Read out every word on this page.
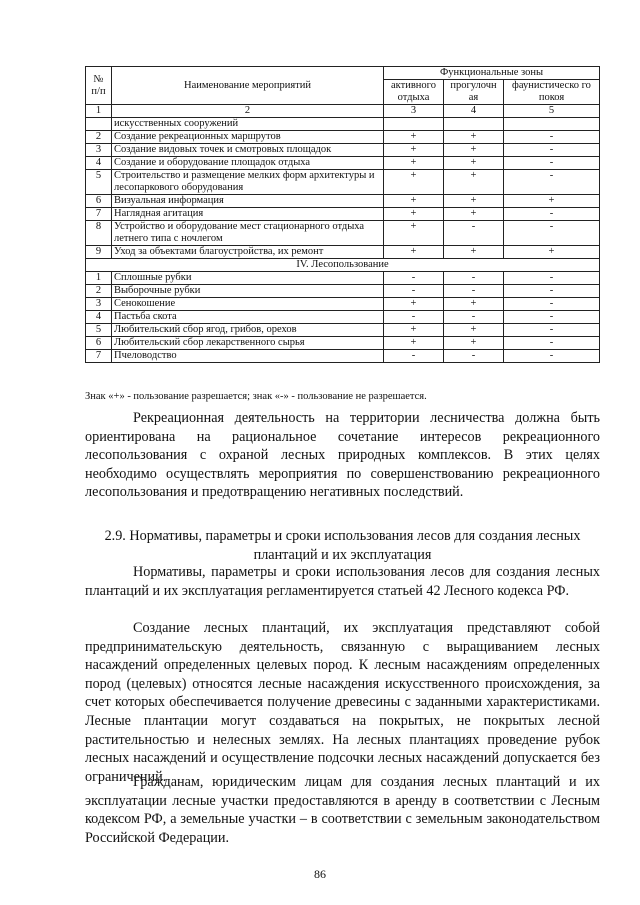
№ п/п	Наименование мероприятий	Функциональные зоны		
		активного отдыха	прогулочн ая	фаунистическо го покоя
1	2	3	4	5
	искусственных сооружений			
2	Создание рекреационных маршрутов	+	+	-
3	Создание видовых точек и смотровых площадок	+	+	-
4	Создание и оборудование площадок отдыха	+	+	-
5	Строительство и размещение мелких форм архитектуры и лесопаркового оборудования	+	+	-
6	Визуальная информация	+	+	+
7	Наглядная агитация	+	+	-
8	Устройство и оборудование мест стационарного отдыха летнего типа с ночлегом	+	-	-
9	Уход за объектами благоустройства, их ремонт	+	+	+
IV. Лесопользование				
1	Сплошные рубки	-	-	-
2	Выборочные рубки	-	-	-
3	Сенокошение	+	+	-
4	Пастьба скота	-	-	-
5	Любительский сбор ягод, грибов, орехов	+	+	-
6	Любительский сбор лекарственного сырья	+	+	-
7	Пчеловодство	-	-	-
Знак «+» - пользование разрешается; знак «-» - пользование не разрешается.

Рекреационная деятельность на территории лесничества должна быть ориентирована на рациональное сочетание интересов рекреационного лесопользования с охраной лесных природных комплексов. В этих целях необходимо осуществлять мероприятия по совершенствованию рекреационного лесопользования и предотвращению негативных последствий.

2.9. Нормативы, параметры и сроки использования лесов для создания лесных плантаций и их эксплуатация

Нормативы, параметры и сроки использования лесов для создания лесных плантаций и их эксплуатация регламентируется статьей 42 Лесного кодекса РФ.

Создание лесных плантаций, их эксплуатация представляют собой предпринимательскую деятельность, связанную с выращиванием лесных насаждений определенных целевых пород. К лесным насаждениям определенных пород (целевых) относятся лесные насаждения искусственного происхождения, за счет которых обеспечивается получение древесины с заданными характеристиками. Лесные плантации могут создаваться на покрытых, не покрытых лесной растительностью и нелесных землях. На лесных плантациях проведение рубок лесных насаждений и осуществление подсочки лесных насаждений допускается без ограничений.

Гражданам, юридическим лицам для создания лесных плантаций и их эксплуатации лесные участки предоставляются в аренду в соответствии с Лесным кодексом РФ, а земельные участки – в соответствии с земельным законодательством Российской Федерации.

86
